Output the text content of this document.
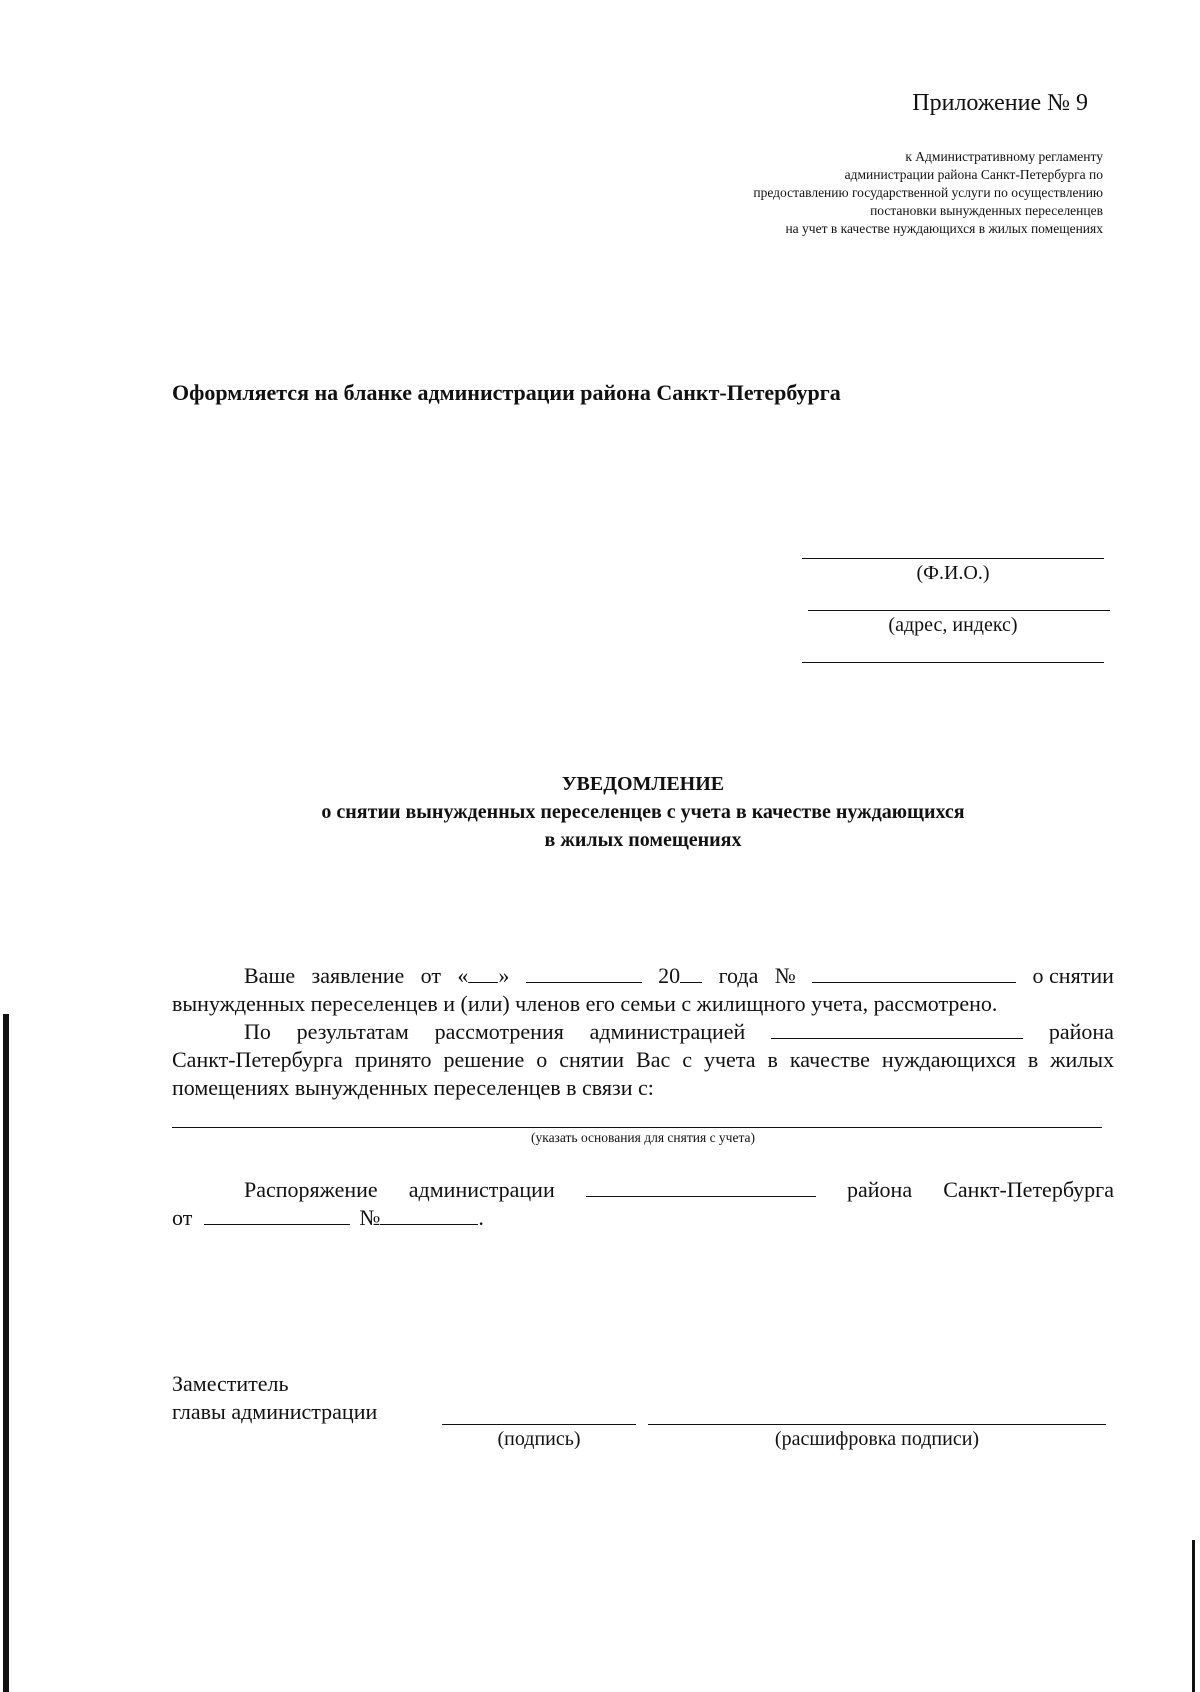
Приложение № 9
к Административному регламенту
администрации района Санкт-Петербурга по
предоставлению государственной услуги по осуществлению
постановки вынужденных переселенцев
на учет в качестве нуждающихся в жилых помещениях
Оформляется на бланке администрации района Санкт-Петербурга
(Ф.И.О.)
(адрес, индекс)
УВЕДОМЛЕНИЕ
о снятии вынужденных переселенцев с учета в качестве нуждающихся
в жилых помещениях
Ваше заявление от « »	20	года №	о снятии
вынужденных переселенцев и (или) членов его семьи с жилищного учета, рассмотрено.
По результатам рассмотрения администрацией	района
Санкт-Петербурга принято решение о снятии Вас с учета в качестве нуждающихся в жилых
помещениях вынужденных переселенцев в связи с:
(указать основания для снятия с учета)
Распоряжение администрации	района Санкт-Петербурга
от	№	.
Заместитель
главы администрации
(подпись)	(расшифровка подписи)
